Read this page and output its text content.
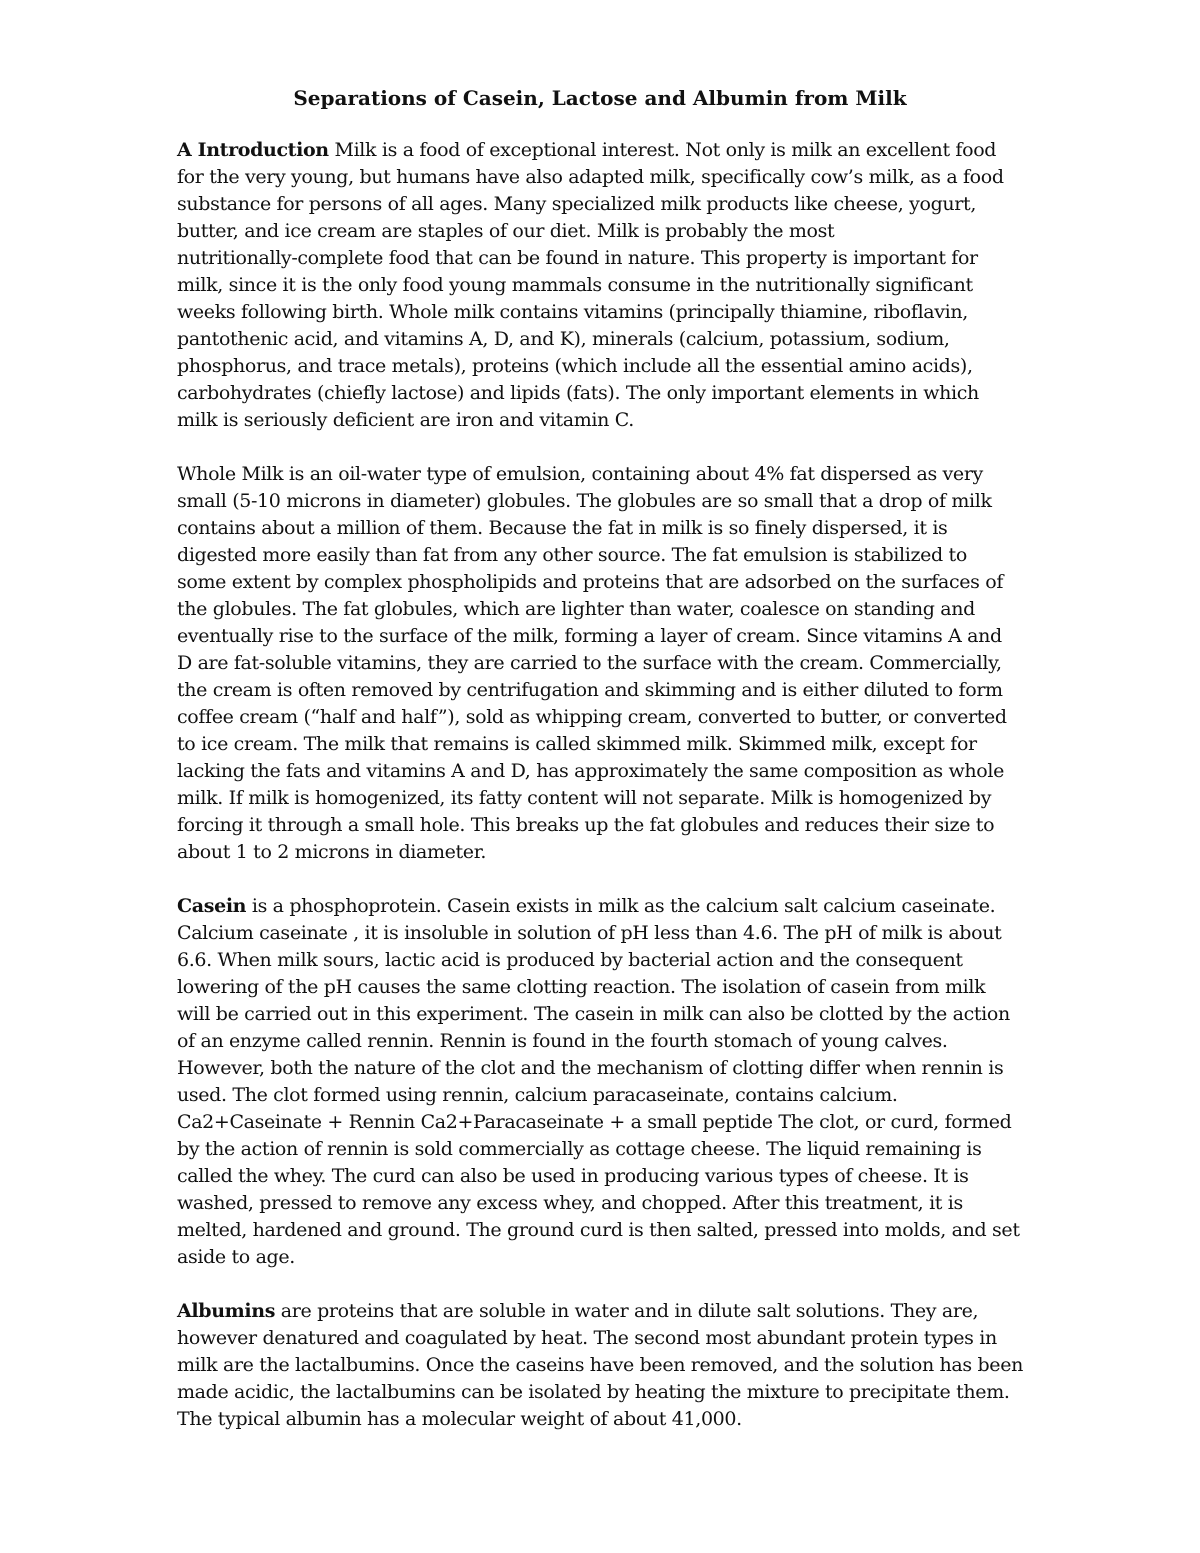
Separations of Casein, Lactose and Albumin from Milk
A Introduction Milk is a food of exceptional interest. Not only is milk an excellent food
for the very young, but humans have also adapted milk, specifically cow’s milk, as a food
substance for persons of all ages. Many specialized milk products like cheese, yogurt,
butter, and ice cream are staples of our diet. Milk is probably the most
nutritionally-complete food that can be found in nature. This property is important for
milk, since it is the only food young mammals consume in the nutritionally significant
weeks following birth. Whole milk contains vitamins (principally thiamine, riboflavin,
pantothenic acid, and vitamins A, D, and K), minerals (calcium, potassium, sodium,
phosphorus, and trace metals), proteins (which include all the essential amino acids),
carbohydrates (chiefly lactose) and lipids (fats). The only important elements in which
milk is seriously deficient are iron and vitamin C.
Whole Milk is an oil-water type of emulsion, containing about 4% fat dispersed as very
small (5-10 microns in diameter) globules. The globules are so small that a drop of milk
contains about a million of them. Because the fat in milk is so finely dispersed, it is
digested more easily than fat from any other source. The fat emulsion is stabilized to
some extent by complex phospholipids and proteins that are adsorbed on the surfaces of
the globules. The fat globules, which are lighter than water, coalesce on standing and
eventually rise to the surface of the milk, forming a layer of cream. Since vitamins A and
D are fat-soluble vitamins, they are carried to the surface with the cream. Commercially,
the cream is often removed by centrifugation and skimming and is either diluted to form
coffee cream (“half and half”), sold as whipping cream, converted to butter, or converted
to ice cream. The milk that remains is called skimmed milk. Skimmed milk, except for
lacking the fats and vitamins A and D, has approximately the same composition as whole
milk. If milk is homogenized, its fatty content will not separate. Milk is homogenized by
forcing it through a small hole. This breaks up the fat globules and reduces their size to
about 1 to 2 microns in diameter.
Casein is a phosphoprotein. Casein exists in milk as the calcium salt calcium caseinate.
Calcium caseinate , it is insoluble in solution of pH less than 4.6. The pH of milk is about
6.6. When milk sours, lactic acid is produced by bacterial action and the consequent
lowering of the pH causes the same clotting reaction. The isolation of casein from milk
will be carried out in this experiment. The casein in milk can also be clotted by the action
of an enzyme called rennin. Rennin is found in the fourth stomach of young calves.
However, both the nature of the clot and the mechanism of clotting differ when rennin is
used. The clot formed using rennin, calcium paracaseinate, contains calcium.
Ca2+Caseinate + Rennin Ca2+Paracaseinate + a small peptide The clot, or curd, formed
by the action of rennin is sold commercially as cottage cheese. The liquid remaining is
called the whey. The curd can also be used in producing various types of cheese. It is
washed, pressed to remove any excess whey, and chopped. After this treatment, it is
melted, hardened and ground. The ground curd is then salted, pressed into molds, and set
aside to age.
Albumins are proteins that are soluble in water and in dilute salt solutions. They are,
however denatured and coagulated by heat. The second most abundant protein types in
milk are the lactalbumins. Once the caseins have been removed, and the solution has been
made acidic, the lactalbumins can be isolated by heating the mixture to precipitate them.
The typical albumin has a molecular weight of about 41,000.
